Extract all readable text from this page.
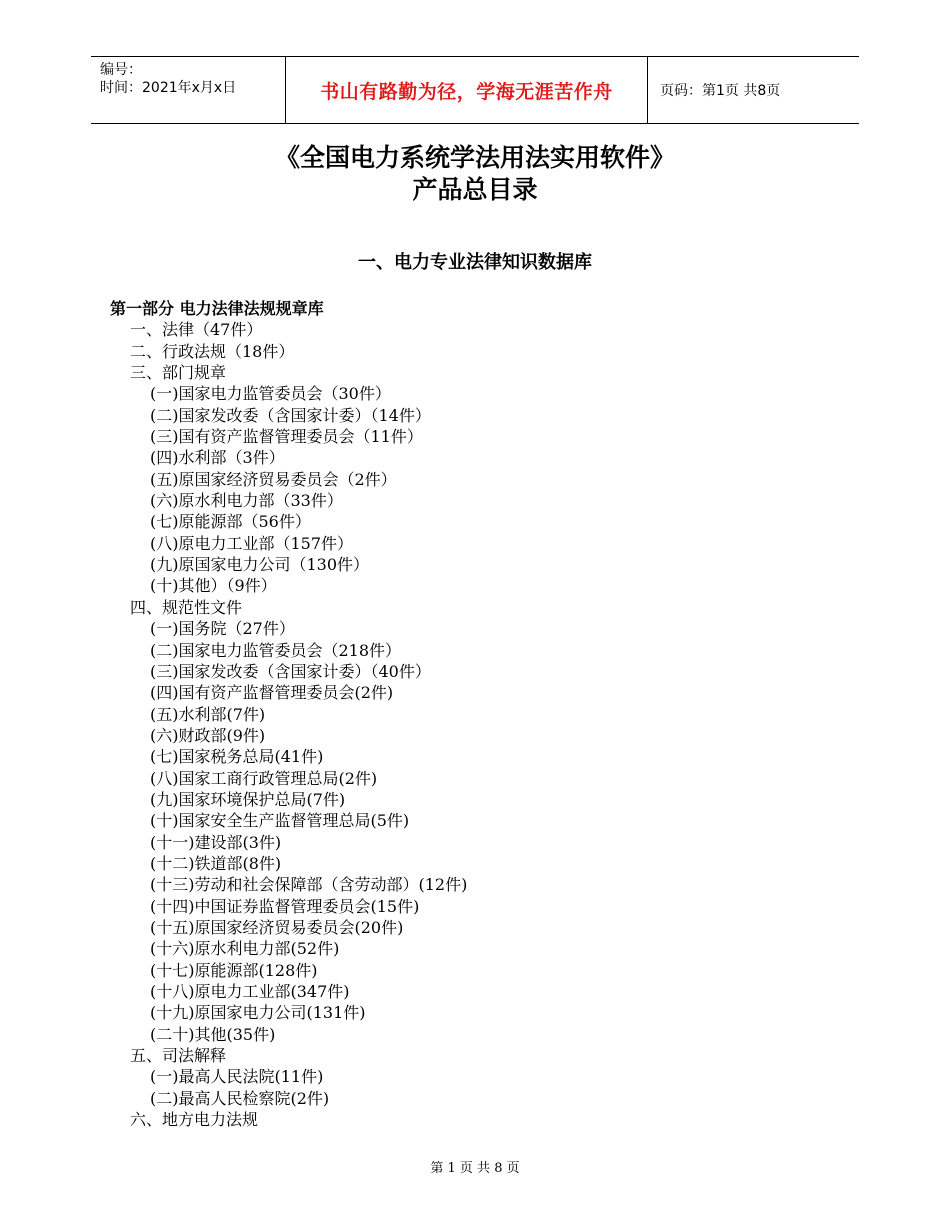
编号：
时间：2021年x月x日	书山有路勤为径，学海无涯苦作舟	页码：第1页 共8页
《全国电力系统学法用法实用软件》
产品总目录
一、电力专业法律知识数据库
第一部分 电力法律法规规章库
一、法律（47件）
二、行政法规（18件）
三、部门规章
(一)国家电力监管委员会（30件）
(二)国家发改委（含国家计委）（14件）
(三)国有资产监督管理委员会（11件）
(四)水利部（3件）
(五)原国家经济贸易委员会（2件）
(六)原水利电力部（33件）
(七)原能源部（56件）
(八)原电力工业部（157件）
(九)原国家电力公司（130件）
(十)其他）（9件）
四、规范性文件
(一)国务院（27件）
(二)国家电力监管委员会（218件）
(三)国家发改委（含国家计委）（40件）
(四)国有资产监督管理委员会(2件)
(五)水利部(7件)
(六)财政部(9件)
(七)国家税务总局(41件)
(八)国家工商行政管理总局(2件)
(九)国家环境保护总局(7件)
(十)国家安全生产监督管理总局(5件)
(十一)建设部(3件)
(十二)铁道部(8件)
(十三)劳动和社会保障部（含劳动部）(12件)
(十四)中国证券监督管理委员会(15件)
(十五)原国家经济贸易委员会(20件)
(十六)原水利电力部(52件)
(十七)原能源部(128件)
(十八)原电力工业部(347件)
(十九)原国家电力公司(131件)
(二十)其他(35件)
五、司法解释
(一)最高人民法院(11件)
(二)最高人民检察院(2件)
六、地方电力法规
第 1 页 共 8 页
